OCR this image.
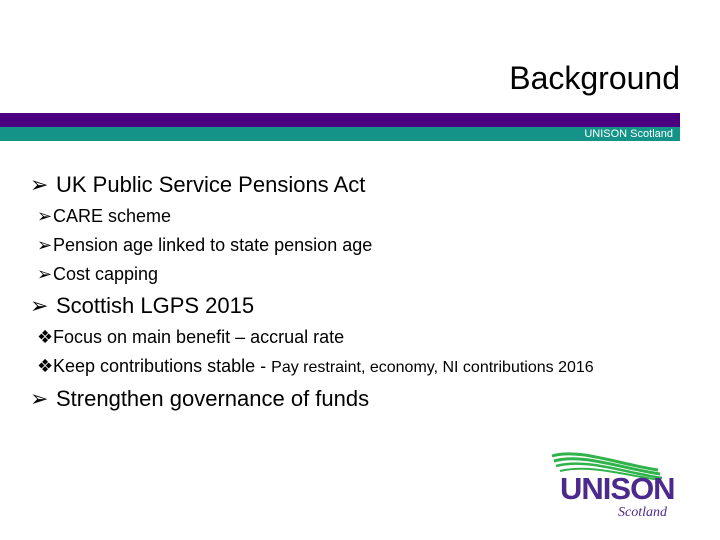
Background
UNISON Scotland
➢ UK Public Service Pensions Act
➢CARE scheme
➢Pension age linked to state pension age
➢Cost capping
➢ Scottish LGPS 2015
❖Focus on main benefit – accrual rate
❖Keep contributions stable - Pay restraint, economy, NI contributions 2016
➢ Strengthen governance of funds
UNISON
Scotland
